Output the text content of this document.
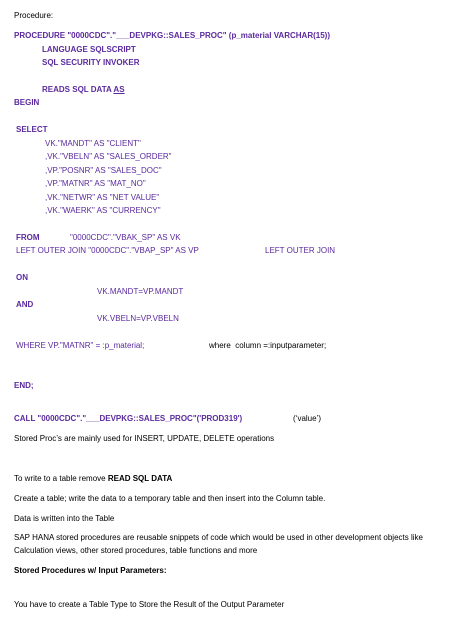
Procedure:
PROCEDURE "0000CDC"."___DEVPKG::SALES_PROC" (p_material VARCHAR(15))
LANGUAGE SQLSCRIPT
SQL SECURITY INVOKER
READS SQL DATA AS
BEGIN
SELECT
VK."MANDT" AS "CLIENT"
,VK."VBELN" AS "SALES_ORDER"
,VP."POSNR" AS "SALES_DOC"
,VP."MATNR" AS "MAT_NO"
,VK."NETWR" AS "NET VALUE"
,VK."WAERK" AS "CURRENCY"
FROM	"0000CDC"."VBAK_SP" AS VK
LEFT OUTER JOIN "0000CDC"."VBAP_SP" AS VP	LEFT OUTER JOIN
ON
VK.MANDT=VP.MANDT
AND
VK.VBELN=VP.VBELN
WHERE VP."MATNR" = :p_material;	where  column =:inputparameter;
END;
CALL "0000CDC"."___DEVPKG::SALES_PROC"('PROD319')	(‘value’)
Stored Proc’s are mainly used for INSERT, UPDATE, DELETE operations
To write to a table remove READ SQL DATA
Create a table; write the data to a temporary table and then insert into the Column table.
Data is written into the Table
SAP HANA stored procedures are reusable snippets of code which would be used in other development objects like
Calculation views, other stored procedures, table functions and more
Stored Procedures w/ Input Parameters:
You have to create a Table Type to Store the Result of the Output Parameter
